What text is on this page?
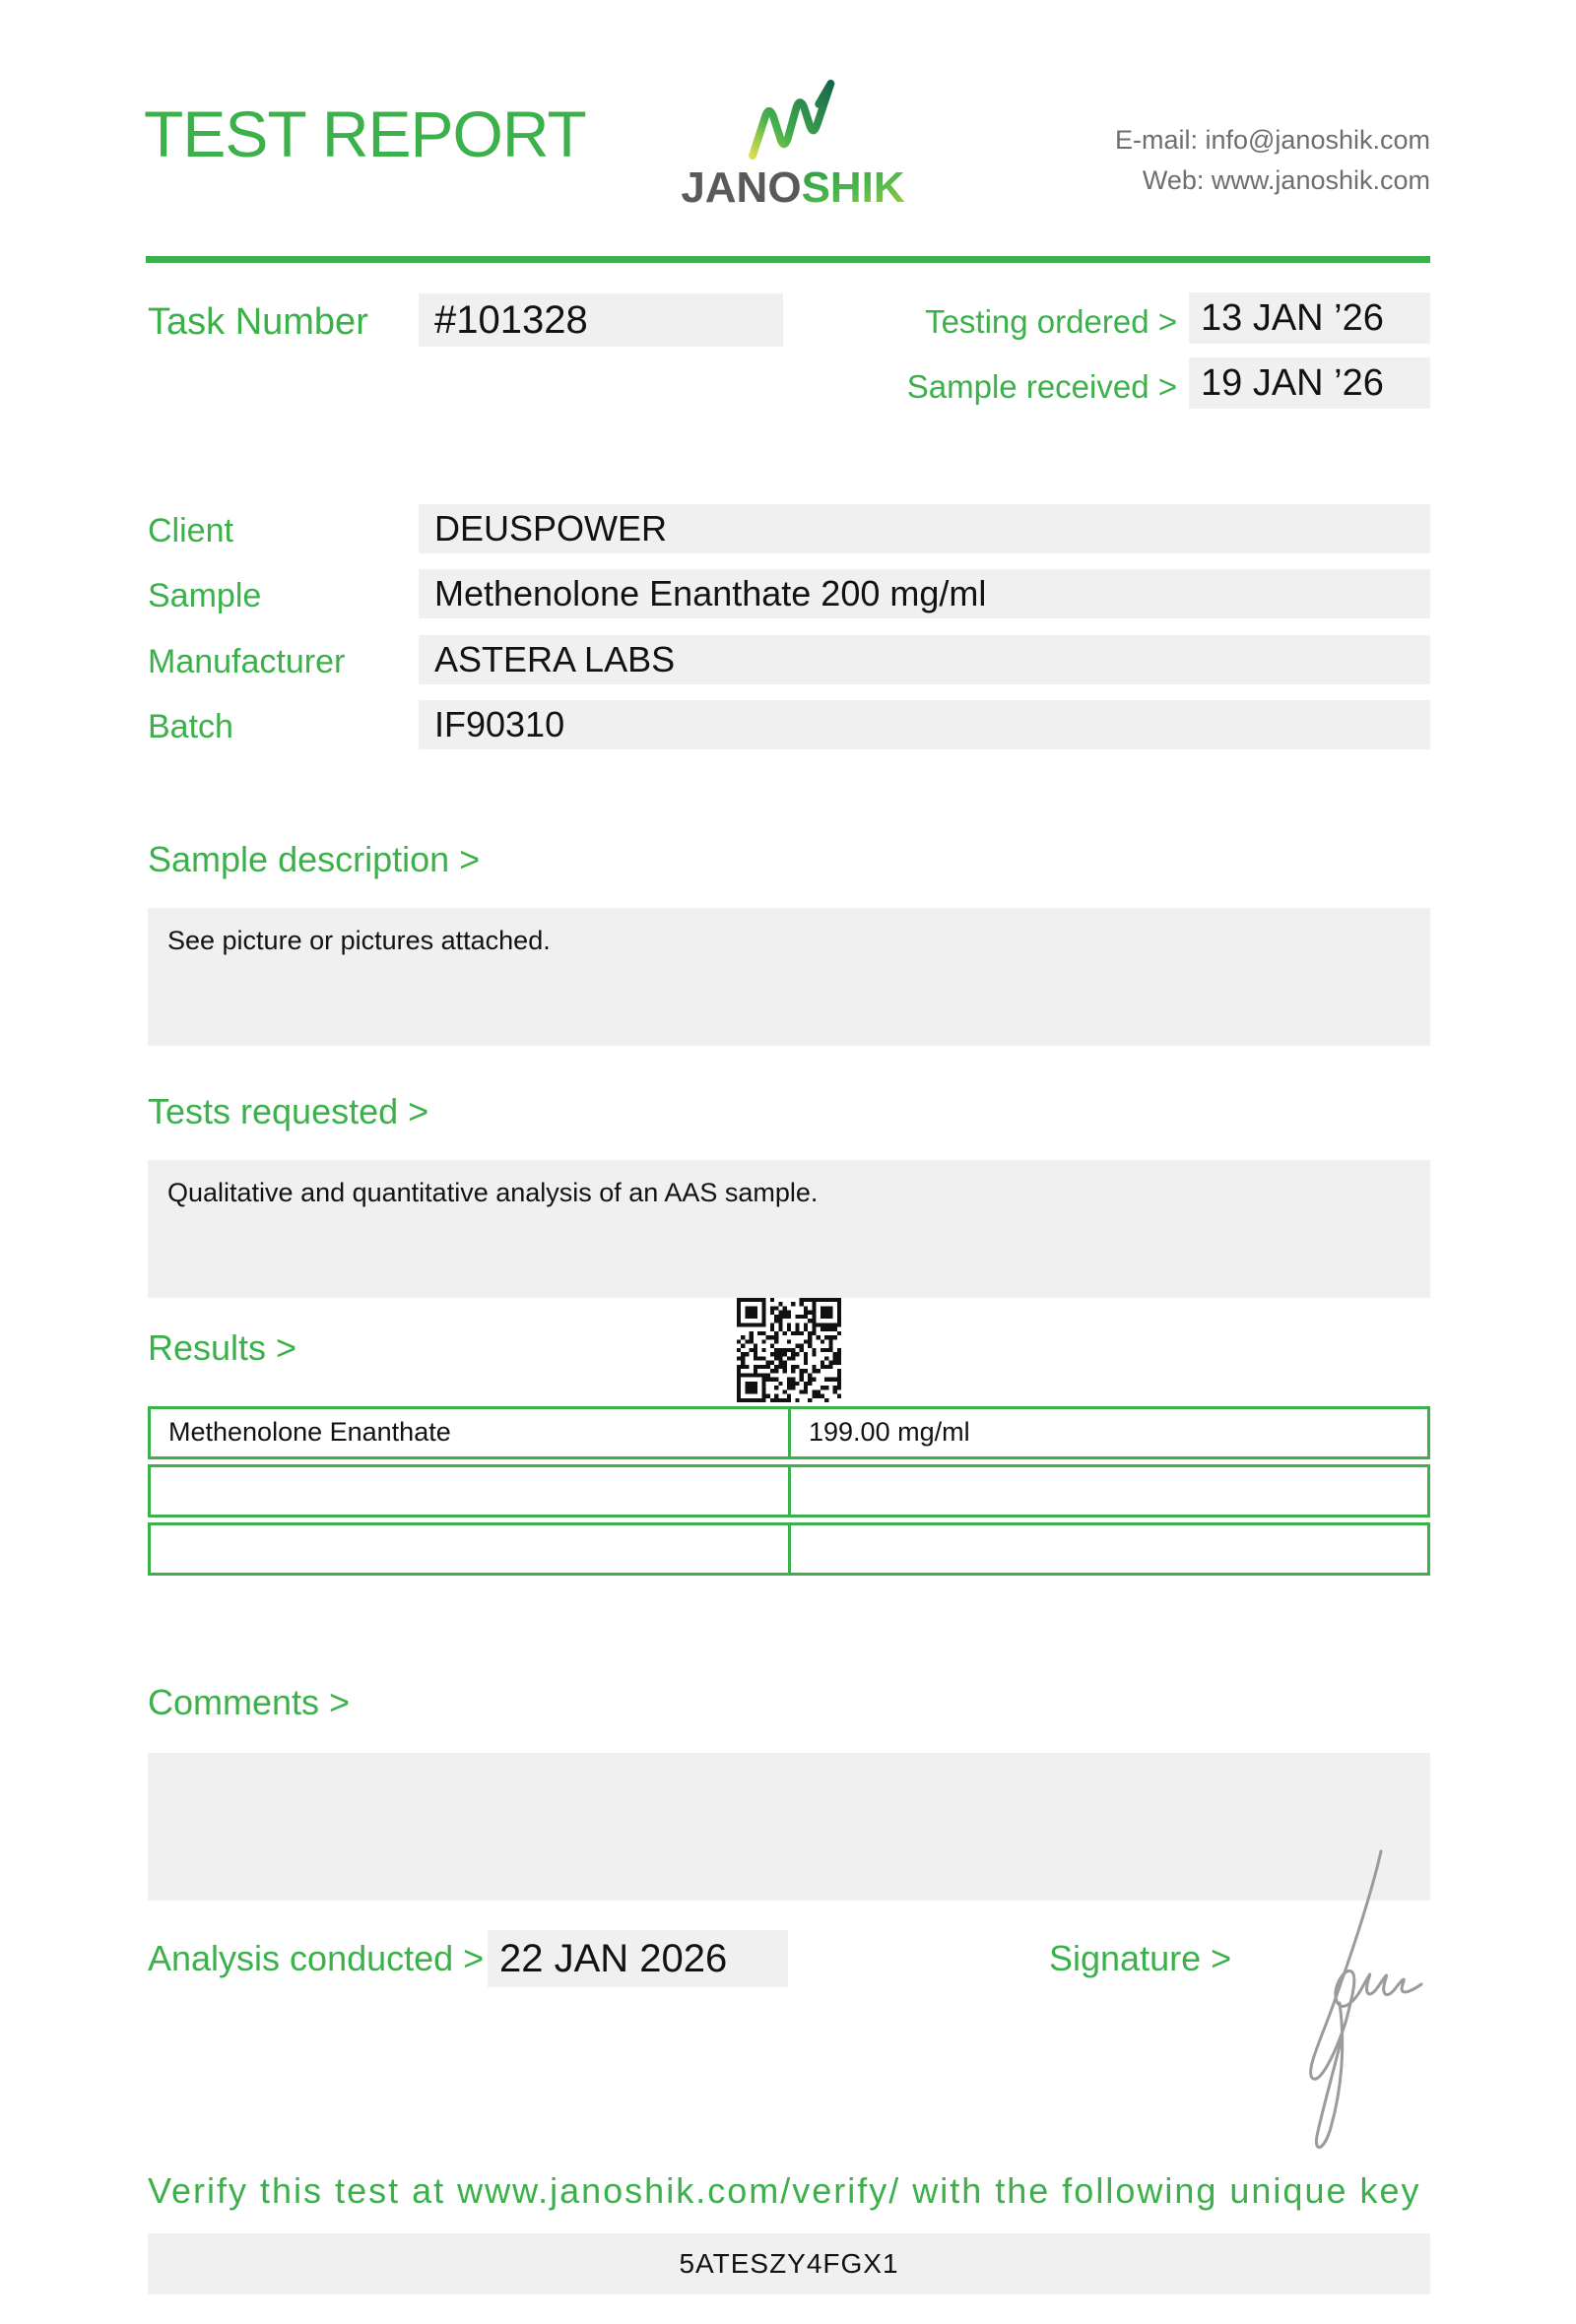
TEST REPORT
JANOSHIK
E-mail: info@janoshik.com
Web: www.janoshik.com
Task Number	#101328	Testing ordered > 13 JAN ’26
Sample received > 19 JAN ’26
Client	DEUSPOWER
Sample	Methenolone Enanthate 200 mg/ml
Manufacturer	ASTERA LABS
Batch	IF90310
Sample description >
See picture or pictures attached.
Tests requested >
Qualitative and quantitative analysis of an AAS sample.
Results >
Methenolone Enanthate	199.00 mg/ml
Comments >
Analysis conducted > 22 JAN 2026	Signature >
Verify this test at www.janoshik.com/verify/ with the following unique key
5ATESZY4FGX1
